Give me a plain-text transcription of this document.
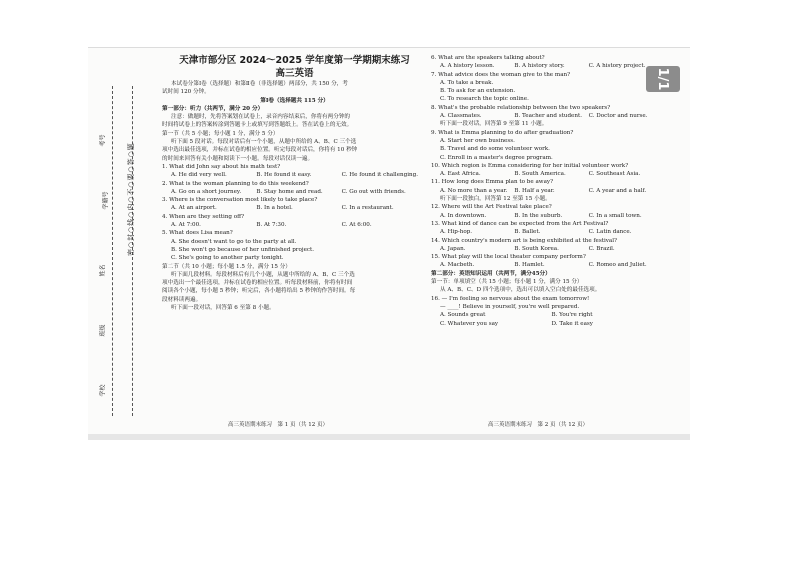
密○封○线○内○不○要○答○题
学校
班级
姓名
学籍号
考号
天津市部分区 2024～2025 学年度第一学期期末练习
高三英语

本试卷分第Ⅰ卷（选择题）和第Ⅱ卷（非选择题）两部分，共 150 分，考

试时间 120 分钟。

第Ⅰ卷（选择题共 115 分）

第一部分：听力（共两节，满分 20 分）

注意：做题时，先将答案划在试卷上，录音内容结束后，你将有两分钟的

时间将试卷上的答案转涂到答题卡上或填写到答题纸上。答在试卷上的无效。

第一节（共 5 小题；每小题 1 分，满分 5 分）

听下面 5 段对话。每段对话后有一个小题，从题中所给的 A、B、C 三个选

项中选出最佳选项，并标在试卷的相应位置。听完每段对话后，你将有 10 秒钟

的时间来回答有关小题和阅读下一小题。每段对话仅读一遍。

1. What did John say about his math test?

A. He did very well.	B. He found it easy.	C. He found it challenging.

2. What is the woman planning to do this weekend?

A. Go on a short journey.	B. Stay home and read.	C. Go out with friends.

3. Where is the conversation most likely to take place?

A. At an airport.	B. In a hotel.	C. In a restaurant.

4. When are they setting off?

A. At 7:00.	B. At 7:30.	C. At 6:00.

5. What does Lisa mean?

A. She doesn't want to go to the party at all.

B. She won't go because of her unfinished project.

C. She's going to another party tonight.

第二节（共 10 小题；每小题 1.5 分，满分 15 分）

听下面几段材料。每段材料后有几个小题，从题中所给的 A、B、C 三个选

项中选出一个最佳选项，并标在试卷的相应位置。听每段材料前，你将有时间

阅读各个小题，每小题 5 秒钟；听完后，各小题将给出 5 秒钟的作答时间。每

段材料读两遍。

听下面一段对话，回答第 6 至第 8 小题。

高三英语期末练习　第 1 页（共 12 页）

6. What are the speakers talking about?

A. A history lesson.	B. A history story.	C. A history project.

7. What advice does the woman give to the man?

A. To take a break.

B. To ask for an extension.

C. To research the topic online.

8. What's the probable relationship between the two speakers?

A. Classmates.	B. Teacher and student.	C. Doctor and nurse.

听下面一段对话，回答第 9 至第 11 小题。

9. What is Emma planning to do after graduation?

A. Start her own business.

B. Travel and do some volunteer work.

C. Enroll in a master's degree program.

10. Which region is Emma considering for her initial volunteer work?

A. East Africa.	B. South America.	C. Southeast Asia.

11. How long does Emma plan to be away?

A. No more than a year.	B. Half a year.	C. A year and a half.

听下面一段独白，回答第 12 至第 15 小题。

12. Where will the Art Festival take place?

A. In downtown.	B. In the suburb.	C. In a small town.

13. What kind of dance can be expected from the Art Festival?

A. Hip-hop.	B. Ballet.	C. Latin dance.

14. Which country's modern art is being exhibited at the festival?

A. Japan.	B. South Korea.	C. Brazil.

15. What play will the local theater company perform?

A. Macbeth.	B. Hamlet.	C. Romeo and Juliet.

第二部分：英语知识运用（共两节，满分45分）

第一节：单项填空（共 15 小题；每小题 1 分，满分 15 分）

从 A、B、C、D 四个选项中，选出可以填入空白处的最佳选项。

16. — I'm feeling so nervous about the exam tomorrow!

— ____! Believe in yourself, you're well prepared.

A. Sounds great	B. You're right
C. Whatever you say	D. Take it easy
高三英语期末练习　第 2 页（共 12 页）
1/1
